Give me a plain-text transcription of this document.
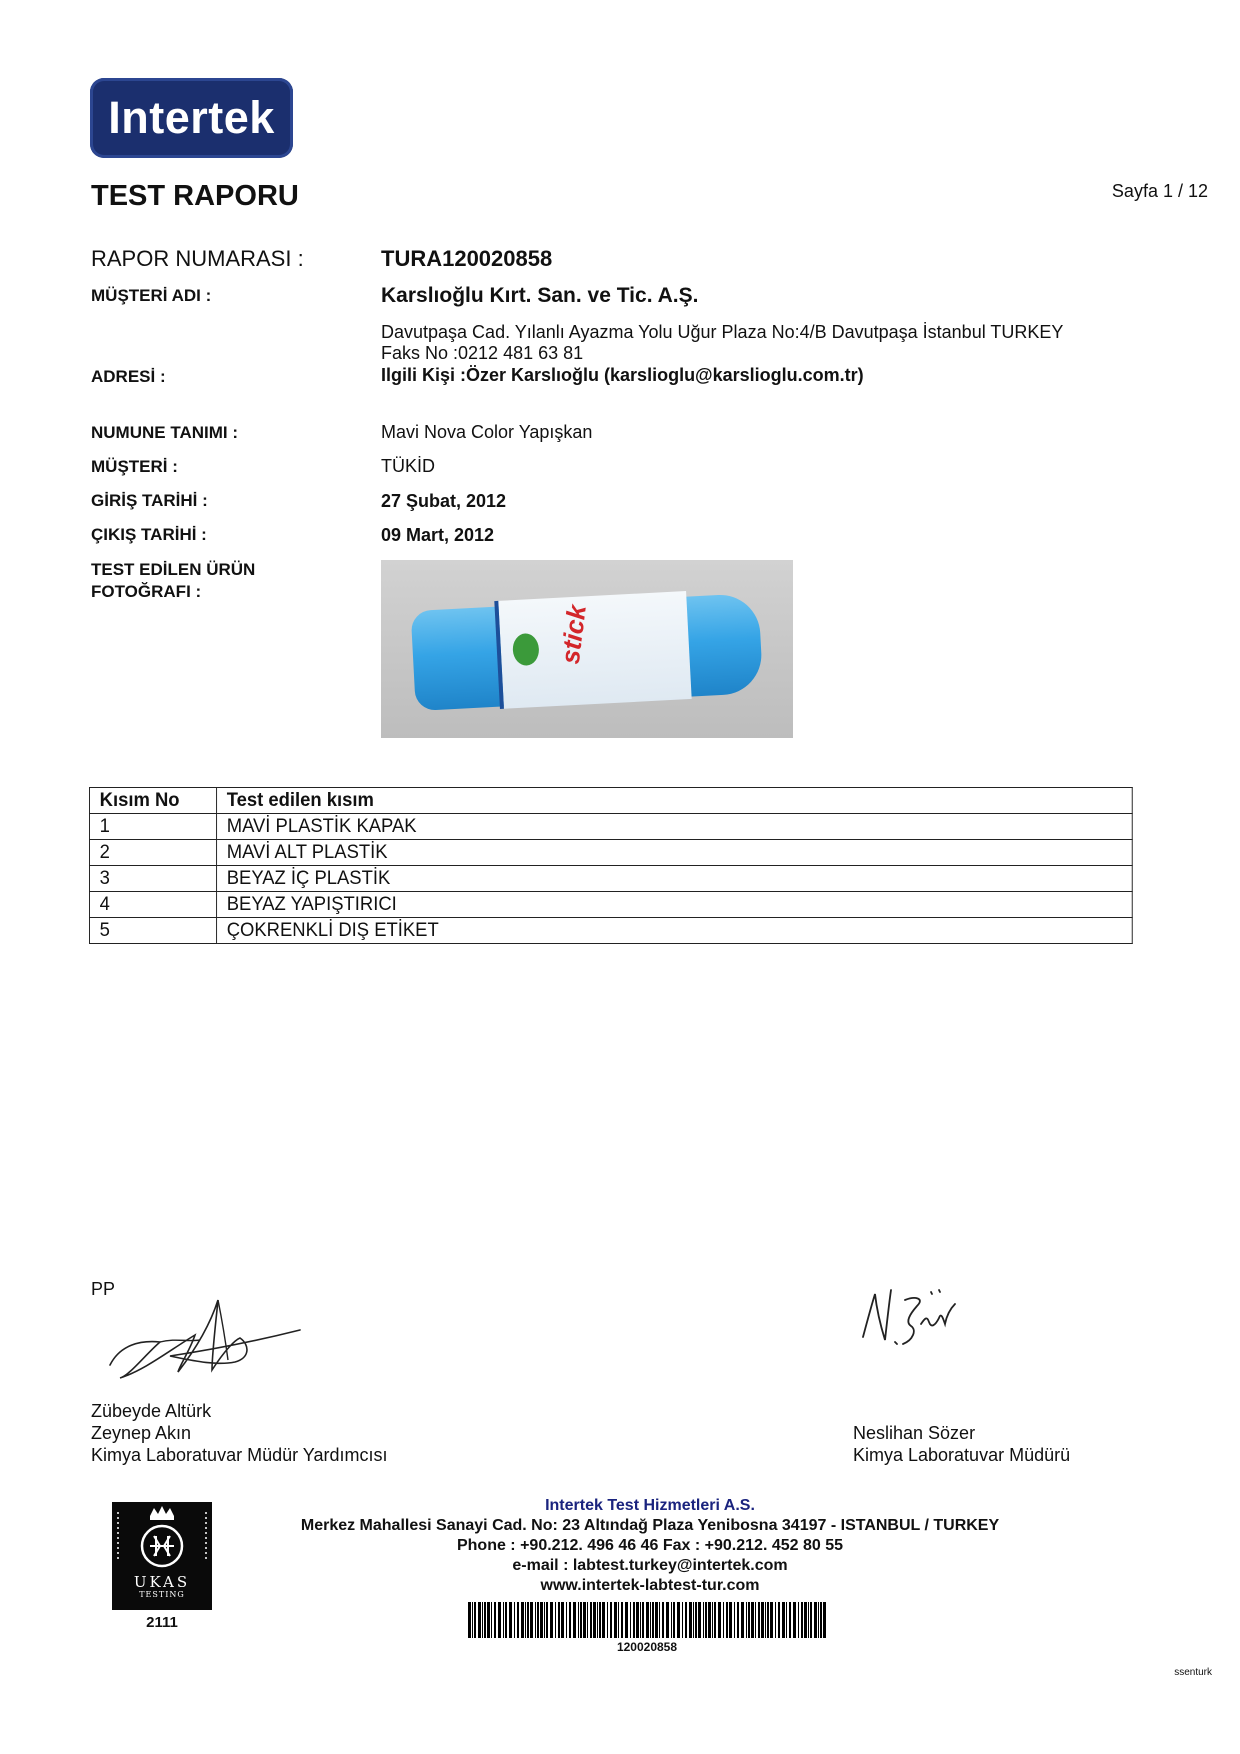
Intertek
TEST RAPORU	Sayfa 1 / 12
RAPOR NUMARASI :	TURA120020858
MÜŞTERİ ADI :	Karslıoğlu Kırt. San. ve Tic. A.Ş.
Davutpaşa Cad. Yılanlı Ayazma Yolu Uğur Plaza No:4/B Davutpaşa İstanbul TURKEY
Faks No :0212 481 63 81
ADRESİ :	Ilgili Kişi :Özer Karslıoğlu (karslioglu@karslioglu.com.tr)
NUMUNE TANIMI :	Mavi Nova Color Yapışkan
MÜŞTERİ :	TÜKİD
GİRİŞ TARİHİ :	27 Şubat, 2012
ÇIKIŞ TARİHİ :	09 Mart, 2012
TEST EDİLEN ÜRÜN
FOTOĞRAFI :
stick
Kısım No	Test edilen kısım
1	MAVİ PLASTİK KAPAK
2	MAVİ ALT PLASTİK
3	BEYAZ İÇ PLASTİK
4	BEYAZ YAPIŞTIRICI
5	ÇOKRENKLİ DIŞ ETİKET
PP
Zübeyde Altürk
Zeynep Akın
Kimya Laboratuvar Müdür Yardımcısı
Neslihan Sözer
Kimya Laboratuvar Müdürü
UKAS
TESTING
2111
Intertek Test Hizmetleri A.S.
Merkez Mahallesi Sanayi Cad. No: 23 Altındağ Plaza Yenibosna 34197 - ISTANBUL / TURKEY
Phone : +90.212. 496 46 46 Fax : +90.212. 452 80 55
e-mail : labtest.turkey@intertek.com
www.intertek-labtest-tur.com
120020858
ssenturk
